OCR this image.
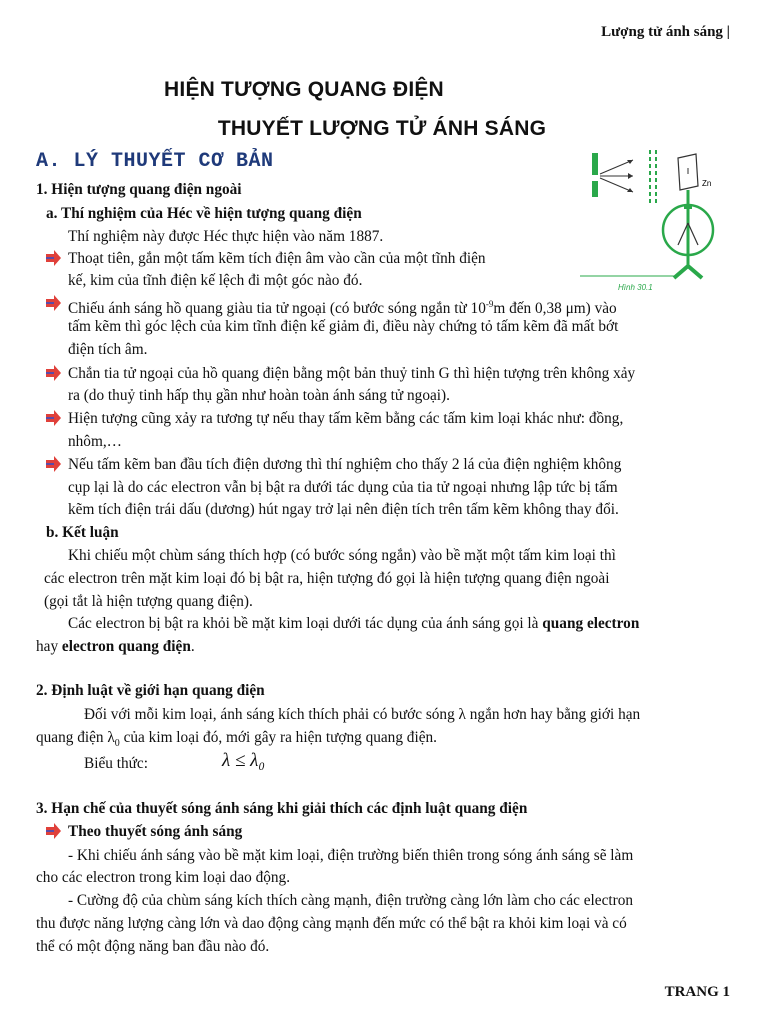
Lượng tử ánh sáng |
HIỆN TƯỢNG QUANG ĐIỆN
THUYẾT LƯỢNG TỬ ÁNH SÁNG
A. LÝ THUYẾT CƠ BẢN
Zn
Hình 30.1
1. Hiện tượng quang điện ngoài
a. Thí nghiệm của Héc về hiện tượng quang điện
Thí nghiệm này được Héc thực hiện vào năm 1887.
Thoạt tiên, gắn một tấm kẽm tích điện âm vào cần của một tĩnh điện
kế, kim của tĩnh điện kế lệch đi một góc nào đó.
Chiếu ánh sáng hồ quang giàu tia tử ngoại (có bước sóng ngắn từ $10^{-9}m$ đến 0,38 μm) vào
tấm kẽm thì góc lệch của kim tĩnh điện kế giảm đi, điều này chứng tỏ tấm kẽm đã mất bớt
điện tích âm.
Chắn tia tử ngoại của hồ quang điện bằng một bản thuỷ tinh G thì hiện tượng trên không xảy
ra (do thuỷ tinh hấp thụ gần như hoàn toàn ánh sáng tử ngoại).
Hiện tượng cũng xảy ra tương tự nếu thay tấm kẽm bằng các tấm kim loại khác như: đồng,
nhôm,…
Nếu tấm kẽm ban đầu tích điện dương thì thí nghiệm cho thấy 2 lá của điện nghiệm không
cụp lại là do các electron vẫn bị bật ra dưới tác dụng của tia tử ngoại nhưng lập tức bị tấm
kẽm tích điện trái dấu (dương) hút ngay trở lại nên điện tích trên tấm kẽm không thay đổi.
b. Kết luận
Khi chiếu một chùm sáng thích hợp (có bước sóng ngắn) vào bề mặt một tấm kim loại thì
các electron trên mặt kim loại đó bị bật ra, hiện tượng đó gọi là hiện tượng quang điện ngoài
(gọi tắt là hiện tượng quang điện).
Các electron bị bật ra khỏi bề mặt kim loại dưới tác dụng của ánh sáng gọi là quang electron
hay electron quang điện.
2. Định luật về giới hạn quang điện
Đối với mỗi kim loại, ánh sáng kích thích phải có bước sóng λ ngắn hơn hay bằng giới hạn
quang điện $\lambda_0$ của kim loại đó, mới gây ra hiện tượng quang điện.
Biểu thức:	λ ≤ λ₀
3. Hạn chế của thuyết sóng ánh sáng khi giải thích các định luật quang điện
Theo thuyết sóng ánh sáng
- Khi chiếu ánh sáng vào bề mặt kim loại, điện trường biến thiên trong sóng ánh sáng sẽ làm
cho các electron trong kim loại dao động.
- Cường độ của chùm sáng kích thích càng mạnh, điện trường càng lớn làm cho các electron
thu được năng lượng càng lớn và dao động càng mạnh đến mức có thể bật ra khỏi kim loại và có
thể có một động năng ban đầu nào đó.
TRANG 1
